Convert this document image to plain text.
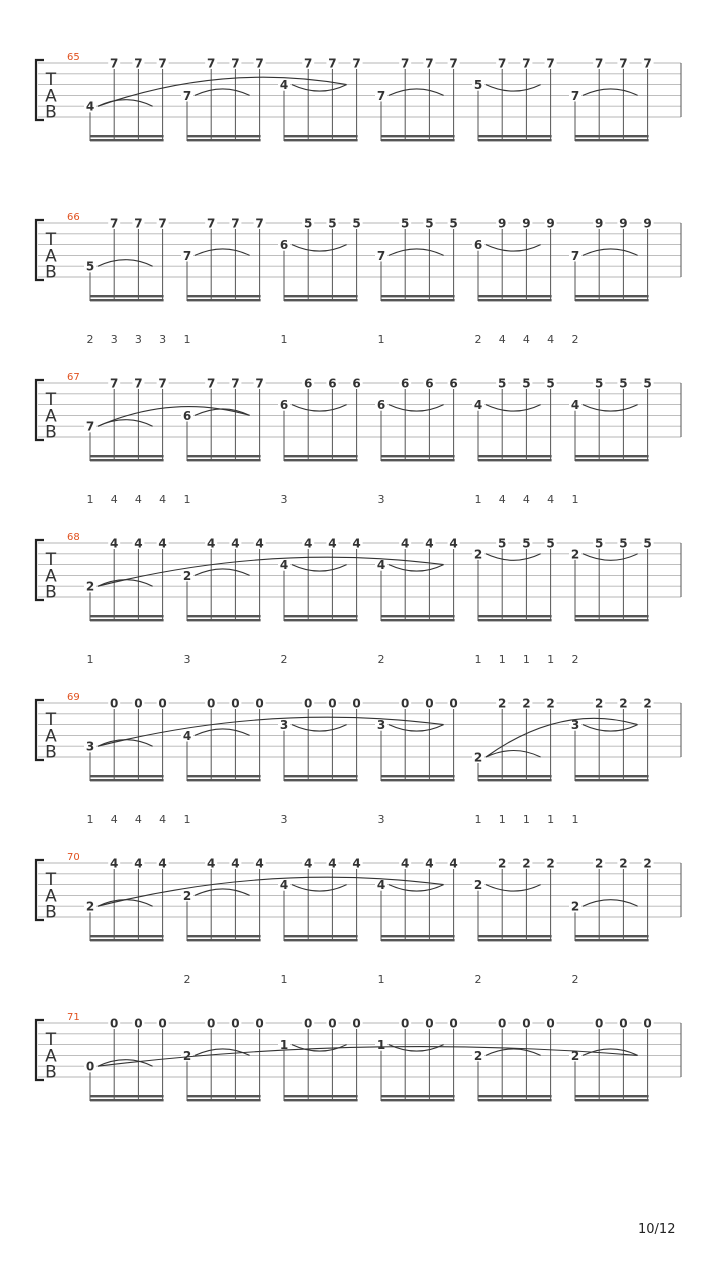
T
A
B
65
4
7 7 7
7
7 7 7
4
7 7 7
7
7 7 7
5
7 7 7
7
7 7 7
T
A
B
66
5
7 7 7
7
7 7 7
6
5 5 5
7
5 5 5
6
9 9 9
7
9 9 9
T
A
B
67
2 3 3 3 1	1	1	2 4 4 4 2
7
7 7 7
6
7 7 7
6
6 6 6
6
6 6 6
4
5 5 5
4
5 5 5
T
A
B
68
1 4 4 4 1	3	3	1 4 4 4 1
2
4 4 4
2
4 4 4
4
4 4 4
4
4 4 4
2
5 5 5
2
5 5 5
T
A
B
69
1	3	2	2	1 1 1 1 2
3
0 0 0
4
0 0 0
3
0 0 0
3
0 0 0
2
2 2 2
3
2 2 2
T
A
B
70
1 4 4 4 1	3	3	1 1 1 1 1
2
4 4 4
2
4 4 4
4
4 4 4
4
4 4 4
2
2 2 2
2
2 2 2
T
A
B
71
2	1	1	2	2
0
0 0 0
2
0 0 0
1
0 0 0
1
0 0 0
2
0 0 0
2
0 0 0
10/12
